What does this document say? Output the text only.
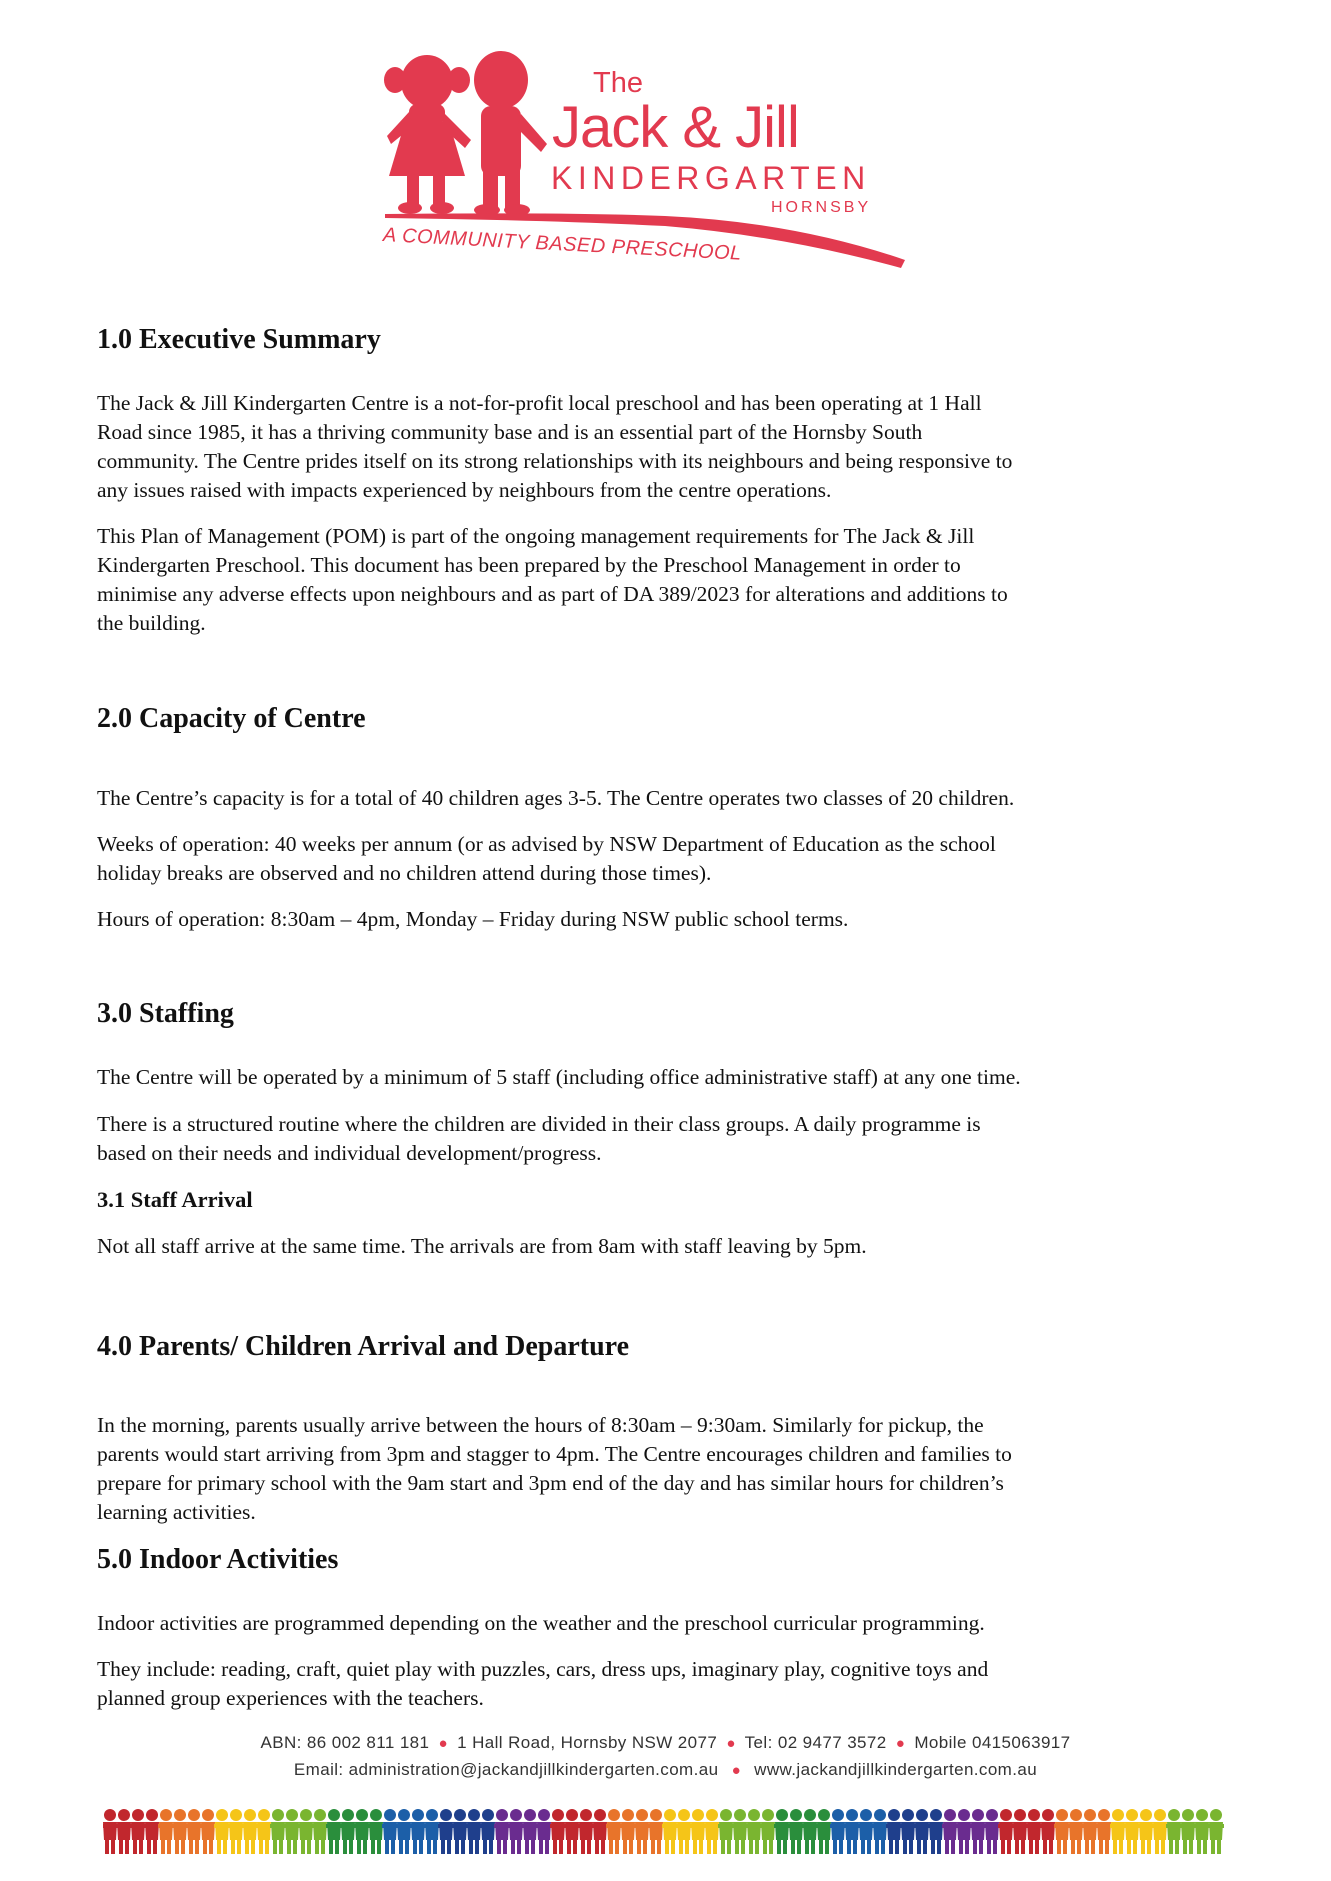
The
Jack & Jill
KINDERGARTEN
HORNSBY
A COMMUNITY BASED PRESCHOOL
1.0 Executive Summary

The Jack & Jill Kindergarten Centre is a not-for-profit local preschool and has been operating at 1 Hall
Road since 1985, it has a thriving community base and is an essential part of the Hornsby South
community. The Centre prides itself on its strong relationships with its neighbours and being responsive to
any issues raised with impacts experienced by neighbours from the centre operations.

This Plan of Management (POM) is part of the ongoing management requirements for The Jack & Jill
Kindergarten Preschool. This document has been prepared by the Preschool Management in order to
minimise any adverse effects upon neighbours and as part of DA 389/2023 for alterations and additions to
the building.

2.0 Capacity of Centre

The Centre’s capacity is for a total of 40 children ages 3-5. The Centre operates two classes of 20 children.

Weeks of operation: 40 weeks per annum (or as advised by NSW Department of Education as the school
holiday breaks are observed and no children attend during those times).

Hours of operation: 8:30am – 4pm, Monday – Friday during NSW public school terms.

3.0 Staffing

The Centre will be operated by a minimum of 5 staff (including office administrative staff) at any one time.

There is a structured routine where the children are divided in their class groups. A daily programme is
based on their needs and individual development/progress.

3.1 Staff Arrival

Not all staff arrive at the same time. The arrivals are from 8am with staff leaving by 5pm.

4.0 Parents/ Children Arrival and Departure

In the morning, parents usually arrive between the hours of 8:30am – 9:30am. Similarly for pickup, the
parents would start arriving from 3pm and stagger to 4pm. The Centre encourages children and families to
prepare for primary school with the 9am start and 3pm end of the day and has similar hours for children’s
learning activities.

5.0 Indoor Activities

Indoor activities are programmed depending on the weather and the preschool curricular programming.

They include: reading, craft, quiet play with puzzles, cars, dress ups, imaginary play, cognitive toys and
planned group experiences with the teachers.

ABN: 86 002 811 181 ● 1 Hall Road, Hornsby NSW 2077 ● Tel: 02 9477 3572 ● Mobile 0415063917
Email: administration@jackandjillkindergarten.com.au ● www.jackandjillkindergarten.com.au
